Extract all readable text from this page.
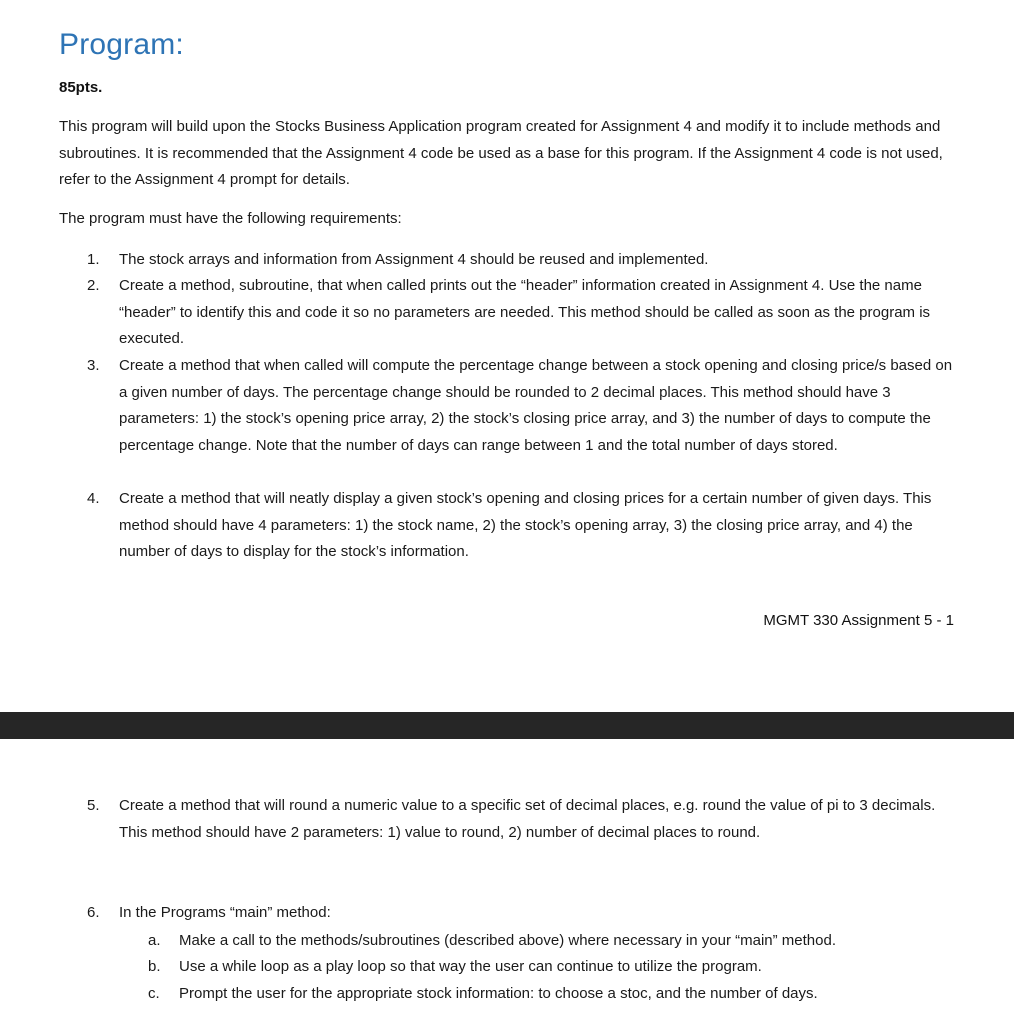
Program:
85pts.

This program will build upon the Stocks Business Application program created for Assignment 4 and modify it to include methods and subroutines. It is recommended that the Assignment 4 code be used as a base for this program. If the Assignment 4 code is not used, refer to the Assignment 4 prompt for details.

The program must have the following requirements:

1.	The stock arrays and information from Assignment 4 should be reused and implemented.
2.	Create a method, subroutine, that when called prints out the “header” information created in Assignment 4. Use the name “header” to identify this and code it so no parameters are needed. This method should be called as soon as the program is executed.
3.	Create a method that when called will compute the percentage change between a stock opening and closing price/s based on a given number of days. The percentage change should be rounded to 2 decimal places. This method should have 3 parameters: 1) the stock’s opening price array, 2) the stock’s closing price array, and 3) the number of days to compute the percentage change. Note that the number of days can range between 1 and the total number of days stored.
4.	Create a method that will neatly display a given stock’s opening and closing prices for a certain number of given days. This method should have 4 parameters: 1) the stock name, 2) the stock’s opening array, 3) the closing price array, and 4) the number of days to display for the stock’s information.
MGMT 330 Assignment 5 - 1
5.	Create a method that will round a numeric value to a specific set of decimal places, e.g. round the value of pi to 3 decimals. This method should have 2 parameters: 1) value to round, 2) number of decimal places to round.
6.	In the Programs “main” method:
a.	Make a call to the methods/subroutines (described above) where necessary in your “main” method.
b.	Use a while loop as a play loop so that way the user can continue to utilize the program.
c.	Prompt the user for the appropriate stock information: to choose a stoc, and the number of days.
